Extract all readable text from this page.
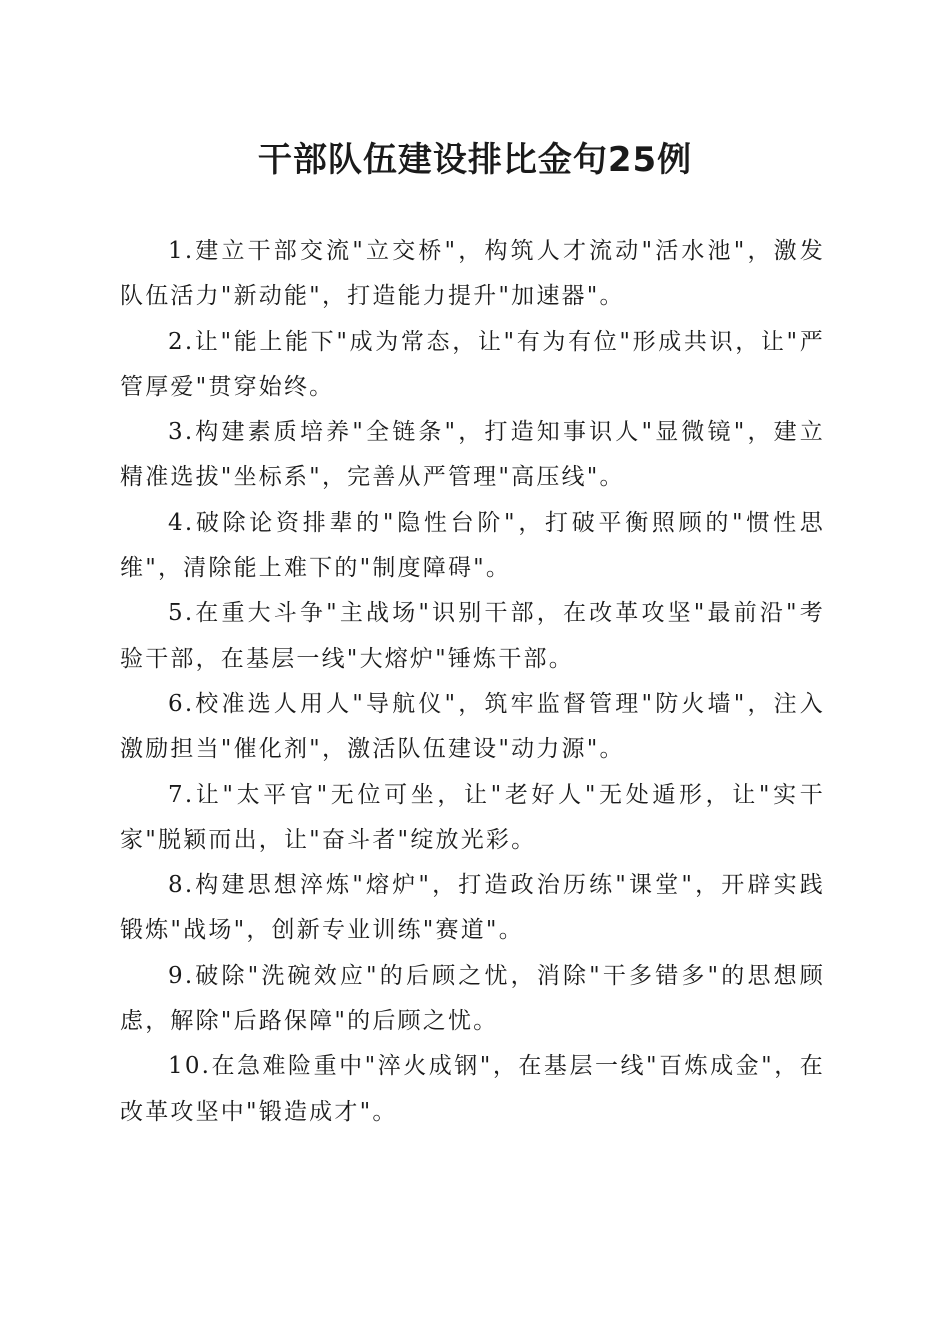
干部队伍建设排比金句25例

1.建立干部交流"立交桥"，构筑人才流动"活水池"，激发队伍活力"新动能"，打造能力提升"加速器"。

2.让"能上能下"成为常态，让"有为有位"形成共识，让"严管厚爱"贯穿始终。

3.构建素质培养"全链条"，打造知事识人"显微镜"，建立精准选拔"坐标系"，完善从严管理"高压线"。

4.破除论资排辈的"隐性台阶"，打破平衡照顾的"惯性思维"，清除能上难下的"制度障碍"。

5.在重大斗争"主战场"识别干部，在改革攻坚"最前沿"考验干部，在基层一线"大熔炉"锤炼干部。

6.校准选人用人"导航仪"，筑牢监督管理"防火墙"，注入激励担当"催化剂"，激活队伍建设"动力源"。

7.让"太平官"无位可坐，让"老好人"无处遁形，让"实干家"脱颖而出，让"奋斗者"绽放光彩。

8.构建思想淬炼"熔炉"，打造政治历练"课堂"，开辟实践锻炼"战场"，创新专业训练"赛道"。

9.破除"洗碗效应"的后顾之忧，消除"干多错多"的思想顾虑，解除"后路保障"的后顾之忧。

10.在急难险重中"淬火成钢"，在基层一线"百炼成金"，在改革攻坚中"锻造成才"。
